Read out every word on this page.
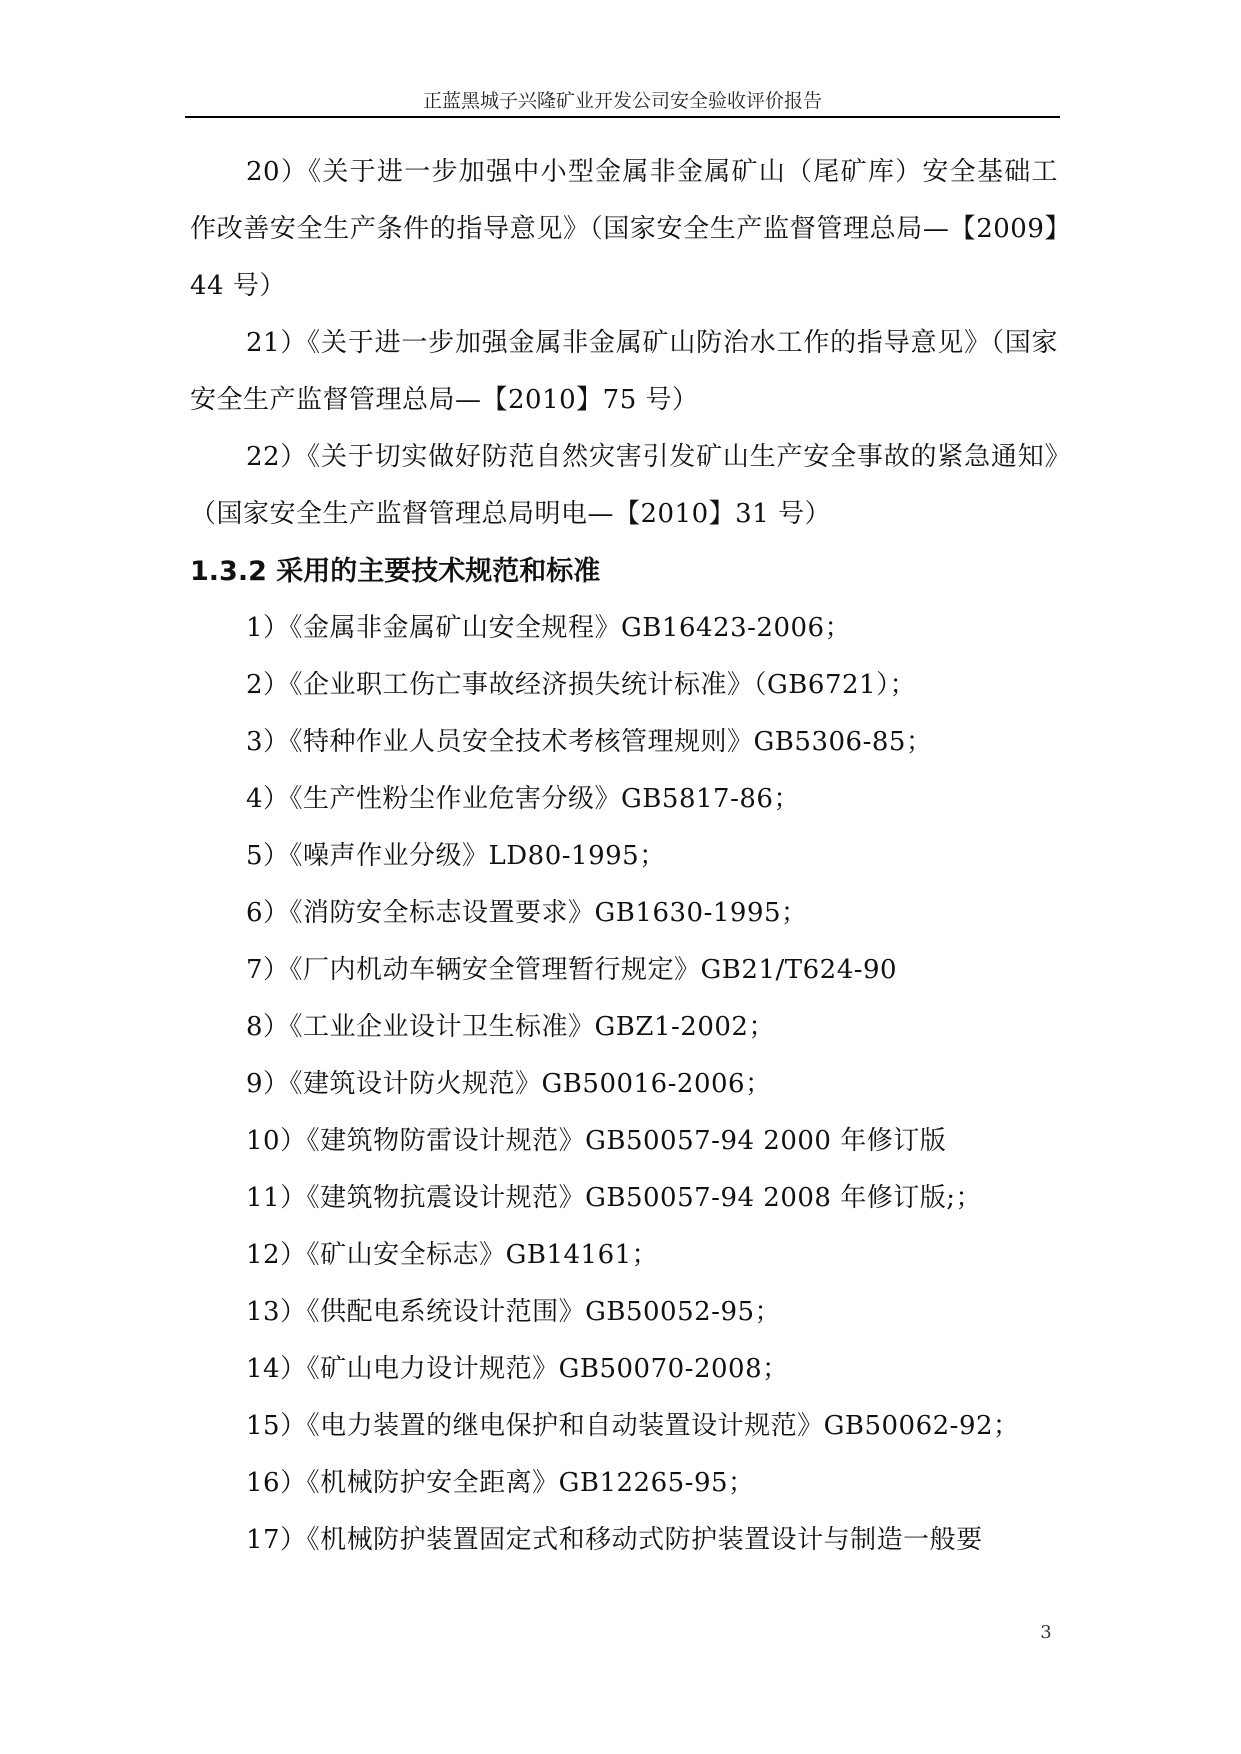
正蓝黑城子兴隆矿业开发公司安全验收评价报告

20）《关于进一步加强中小型金属非金属矿山（尾矿库）安全基础工作改善安全生产条件的指导意见》（国家安全生产监督管理总局—【2009】44 号）

21）《关于进一步加强金属非金属矿山防治水工作的指导意见》（国家安全生产监督管理总局—【2010】75 号）

22）《关于切实做好防范自然灾害引发矿山生产安全事故的紧急通知》（国家安全生产监督管理总局明电—【2010】31 号）

1.3.2 采用的主要技术规范和标准
1）《金属非金属矿山安全规程》GB16423-2006；
2）《企业职工伤亡事故经济损失统计标准》（GB6721）；
3）《特种作业人员安全技术考核管理规则》GB5306-85；
4）《生产性粉尘作业危害分级》GB5817-86；
5）《噪声作业分级》LD80-1995；
6）《消防安全标志设置要求》GB1630-1995；
7）《厂内机动车辆安全管理暂行规定》GB21/T624-90
8）《工业企业设计卫生标准》GBZ1-2002；
9）《建筑设计防火规范》GB50016-2006；
10）《建筑物防雷设计规范》GB50057-94 2000 年修订版
11）《建筑物抗震设计规范》GB50057-94 2008 年修订版;；
12）《矿山安全标志》GB14161；
13）《供配电系统设计范围》GB50052-95；
14）《矿山电力设计规范》GB50070-2008；
15）《电力装置的继电保护和自动装置设计规范》GB50062-92；
16）《机械防护安全距离》GB12265-95；
17）《机械防护装置固定式和移动式防护装置设计与制造一般要
3
